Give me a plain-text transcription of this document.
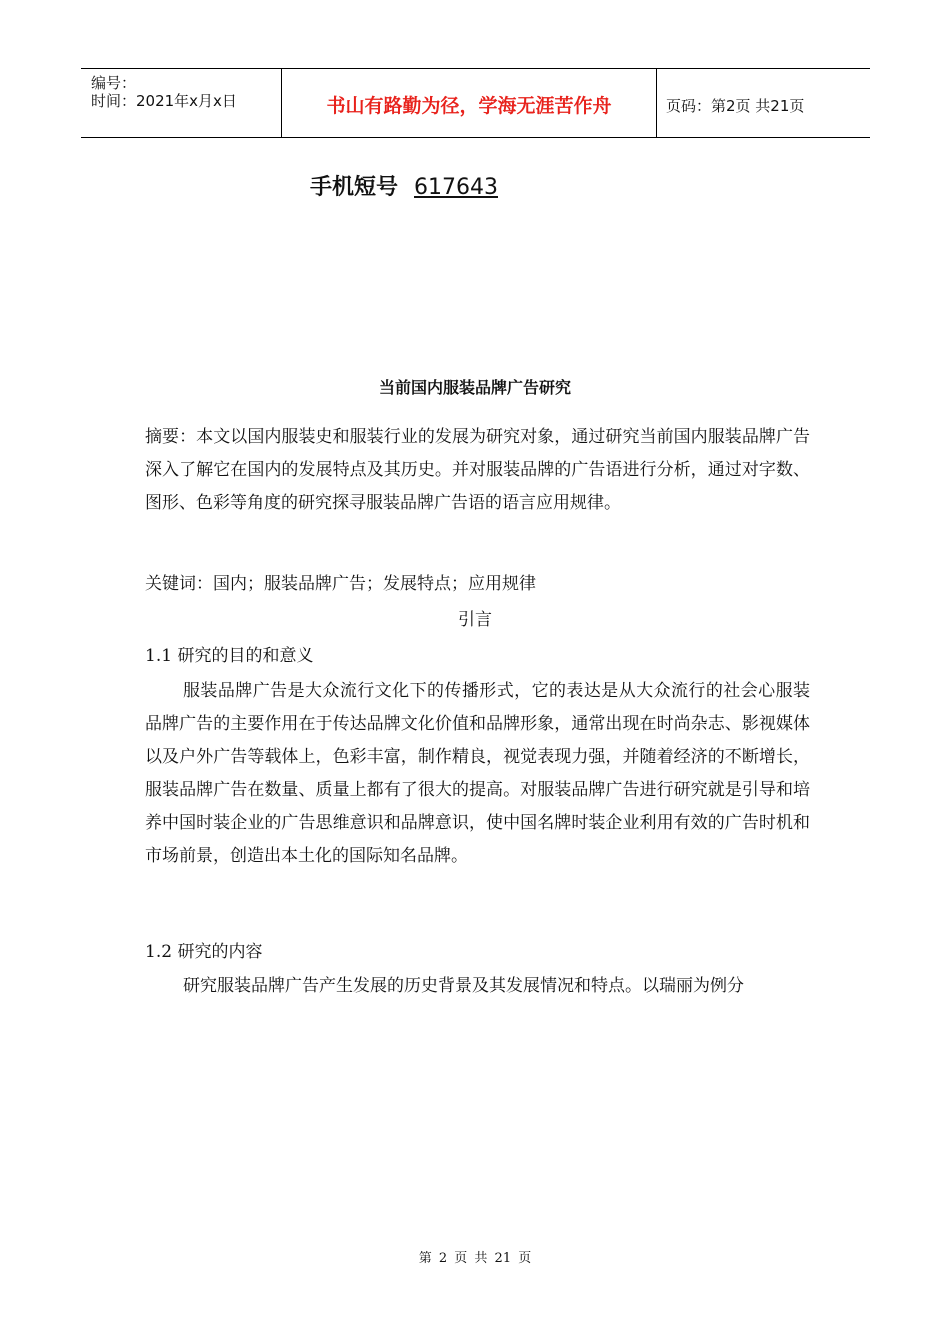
编号：
时间：2021年x月x日	书山有路勤为径，学海无涯苦作舟	页码：第2页 共21页
手机短号 617643
当前国内服装品牌广告研究

摘要：本文以国内服装史和服装行业的发展为研究对象，通过研究当前国内服装品牌广告深入了解它在国内的发展特点及其历史。并对服装品牌的广告语进行分析，通过对字数、图形、色彩等角度的研究探寻服装品牌广告语的语言应用规律。

关键词：国内；服装品牌广告；发展特点；应用规律

引言

1.1 研究的目的和意义

服装品牌广告是大众流行文化下的传播形式，它的表达是从大众流行的社会心服装品牌广告的主要作用在于传达品牌文化价值和品牌形象，通常出现在时尚杂志、影视媒体以及户外广告等载体上，色彩丰富，制作精良，视觉表现力强，并随着经济的不断增长，服装品牌广告在数量、质量上都有了很大的提高。对服装品牌广告进行研究就是引导和培养中国时装企业的广告思维意识和品牌意识，使中国名牌时装企业利用有效的广告时机和市场前景，创造出本土化的国际知名品牌。

1.2 研究的内容

研究服装品牌广告产生发展的历史背景及其发展情况和特点。以瑞丽为例分

第 2 页 共 21 页
